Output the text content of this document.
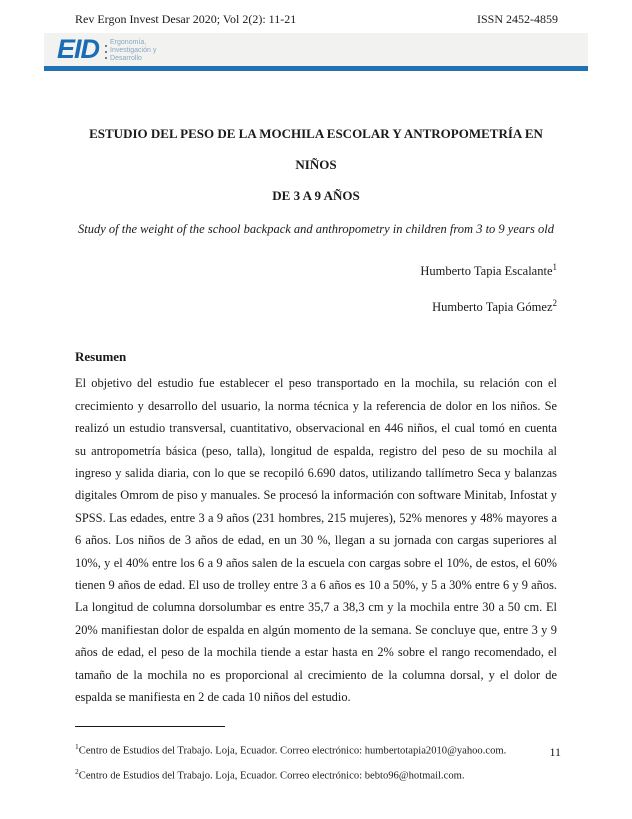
Rev Ergon Invest Desar 2020; Vol 2(2): 11-21	ISSN 2452-4859
EID Ergonomía,
Investigación y
Desarrollo
ESTUDIO DEL PESO DE LA MOCHILA ESCOLAR Y ANTROPOMETRÍA EN NIÑOS
DE 3 A 9 AÑOS
Study of the weight of the school backpack and anthropometry in children from 3 to 9 years old
Humberto Tapia Escalante$^1$
Humberto Tapia Gómez$^2$
Resumen
El objetivo del estudio fue establecer el peso transportado en la mochila, su relación con el crecimiento y desarrollo del usuario, la norma técnica y la referencia de dolor en los niños. Se realizó un estudio transversal, cuantitativo, observacional en 446 niños, el cual tomó en cuenta su antropometría básica (peso, talla), longitud de espalda, registro del peso de su mochila al ingreso y salida diaria, con lo que se recopiló 6.690 datos, utilizando tallímetro Seca y balanzas digitales Omrom de piso y manuales. Se procesó la información con software Minitab, Infostat y SPSS. Las edades, entre 3 a 9 años (231 hombres, 215 mujeres), 52% menores y 48% mayores a 6 años. Los niños de 3 años de edad, en un 30 %, llegan a su jornada con cargas superiores al 10%, y el 40% entre los 6 a 9 años salen de la escuela con cargas sobre el 10%, de estos, el 60% tienen 9 años de edad. El uso de trolley entre 3 a 6 años es 10 a 50%, y 5 a 30% entre 6 y 9 años. La longitud de columna dorsolumbar es entre 35,7 a 38,3 cm y la mochila entre 30 a 50 cm. El 20% manifiestan dolor de espalda en algún momento de la semana. Se concluye que, entre 3 y 9 años de edad, el peso de la mochila tiende a estar hasta en 2% sobre el rango recomendado, el tamaño de la mochila no es proporcional al crecimiento de la columna dorsal, y el dolor de espalda se manifiesta en 2 de cada 10 niños del estudio.

$^1$Centro de Estudios del Trabajo. Loja, Ecuador. Correo electrónico: humbertotapia2010@yahoo.com.

$^2$Centro de Estudios del Trabajo. Loja, Ecuador. Correo electrónico: bebto96@hotmail.com.

11
